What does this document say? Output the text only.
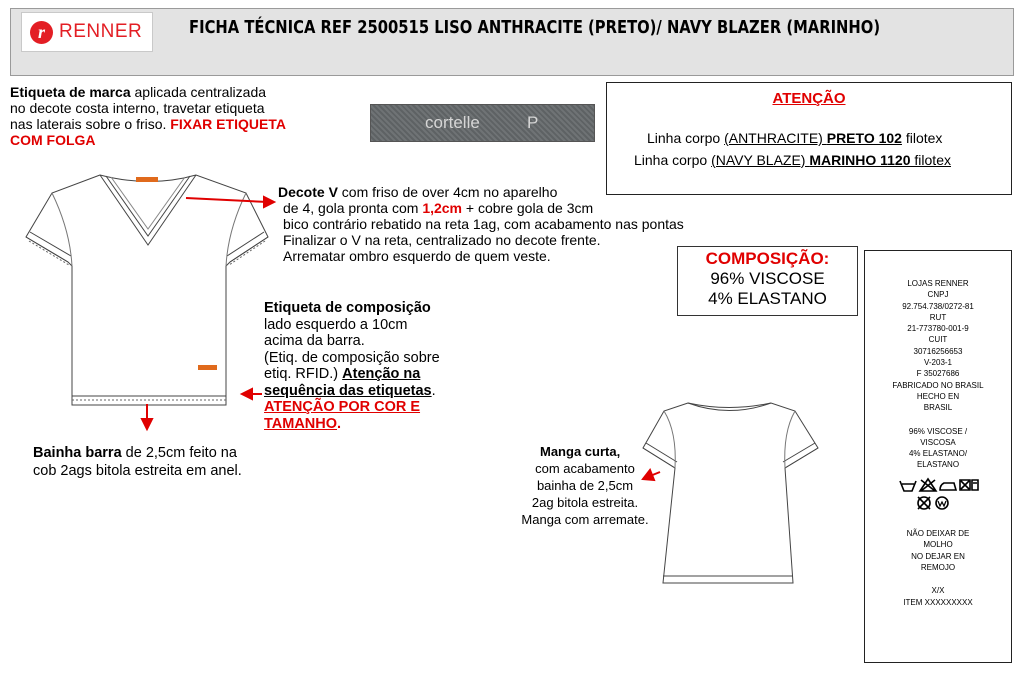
r RENNER	FICHA TÉCNICA REF 2500515 LISO ANTHRACITE (PRETO)/ NAVY BLAZER (MARINHO)
Etiqueta de marca aplicada centralizada
no decote costa interno, travetar etiqueta
nas laterais sobre o friso. FIXAR ETIQUETA
COM FOLGA
cortelle	P
ATENÇÃO
Linha corpo (ANTHRACITE) PRETO 102 filotex
Linha corpo (NAVY BLAZE) MARINHO 1120 filotex
Decote V com friso de over 4cm no aparelho
de 4, gola pronta com 1,2cm + cobre gola de 3cm
bico contrário rebatido na reta 1ag, com acabamento nas pontas
Finalizar o V na reta, centralizado no decote frente.
Arrematar ombro esquerdo de quem veste.
Etiqueta de composição
lado esquerdo a 10cm
acima da barra.
(Etiq. de composição sobre
etiq. RFID.) Atenção na
sequência das etiquetas.
ATENÇÃO POR COR E
TAMANHO.
Bainha barra de 2,5cm feito na
cob 2ags bitola estreita em anel.
COMPOSIÇÃO:
96% VISCOSE
4% ELASTANO
Manga curta,
com acabamento
bainha de 2,5cm
2ag bitola estreita.
Manga com arremate.
LOJAS RENNER
CNPJ
92.754.738/0272-81
RUT
21-773780-001-9
CUIT
30716256653
V-203-1
F 35027686
FABRICADO NO BRASIL
HECHO EN
BRASIL
96% VISCOSE /
VISCOSA
4% ELASTANO/
ELASTANO
NÃO DEIXAR DE
MOLHO
NO DEJAR EN
REMOJO
X/X
ITEM XXXXXXXXX
